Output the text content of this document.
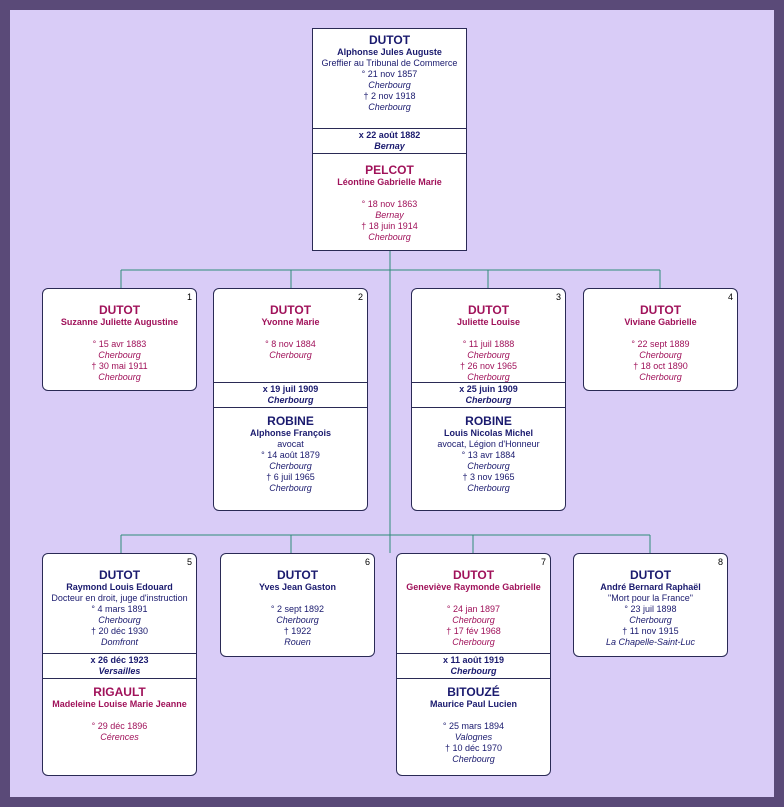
DUTOT
Alphonse Jules Auguste
Greffier au Tribunal de Commerce
° 21 nov 1857
Cherbourg
† 2 nov 1918
Cherbourg
x 22 août 1882
Bernay
PELCOT
Léontine Gabrielle Marie
° 18 nov 1863
Bernay
† 18 juin 1914
Cherbourg
1
DUTOT
Suzanne Juliette Augustine
° 15 avr 1883
Cherbourg
† 30 mai 1911
Cherbourg
2
DUTOT
Yvonne Marie
° 8 nov 1884
Cherbourg
x 19 juil 1909
Cherbourg
ROBINE
Alphonse François
avocat
° 14 août 1879
Cherbourg
† 6 juil 1965
Cherbourg
3
DUTOT
Juliette Louise
° 11 juil 1888
Cherbourg
† 26 nov 1965
Cherbourg
x 25 juin 1909
Cherbourg
ROBINE
Louis Nicolas Michel
avocat, Légion d'Honneur
° 13 avr 1884
Cherbourg
† 3 nov 1965
Cherbourg
4
DUTOT
Viviane Gabrielle
° 22 sept 1889
Cherbourg
† 18 oct 1890
Cherbourg
5
DUTOT
Raymond Louis Edouard
Docteur en droit, juge d'instruction
° 4 mars 1891
Cherbourg
† 20 déc 1930
Domfront
x 26 déc 1923
Versailles
RIGAULT
Madeleine Louise Marie Jeanne
° 29 déc 1896
Cérences
6
DUTOT
Yves Jean Gaston
° 2 sept 1892
Cherbourg
† 1922
Rouen
7
DUTOT
Geneviève Raymonde Gabrielle
° 24 jan 1897
Cherbourg
† 17 fév 1968
Cherbourg
x 11 août 1919
Cherbourg
BITOUZÉ
Maurice Paul Lucien
° 25 mars 1894
Valognes
† 10 déc 1970
Cherbourg
8
DUTOT
André Bernard Raphaël
"Mort pour la France"
° 23 juil 1898
Cherbourg
† 11 nov 1915
La Chapelle-Saint-Luc
